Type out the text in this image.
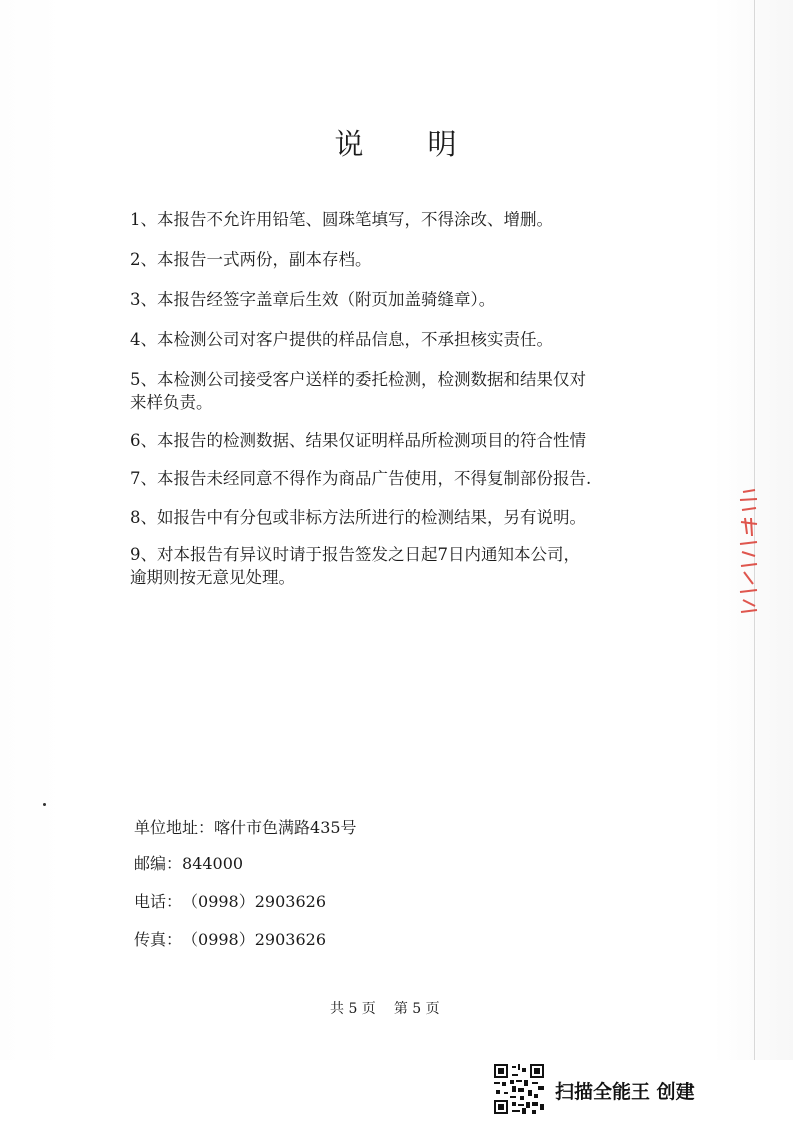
说 明
1、本报告不允许用铅笔、圆珠笔填写，不得涂改、增删。
2、本报告一式两份，副本存档。
3、本报告经签字盖章后生效（附页加盖骑缝章）。
4、本检测公司对客户提供的样品信息，不承担核实责任。
5、本检测公司接受客户送样的委托检测，检测数据和结果仅对
来样负责。
6、本报告的检测数据、结果仅证明样品所检测项目的符合性情
7、本报告未经同意不得作为商品广告使用，不得复制部份报告.
8、如报告中有分包或非标方法所进行的检测结果，另有说明。
9、对本报告有异议时请于报告签发之日起7日内通知本公司，
逾期则按无意见处理。
单位地址：喀什市色满路435号
邮编：844000
电话：（0998）2903626
传真：（0998）2903626
共 5 页 第 5 页
扫描全能王 创建
